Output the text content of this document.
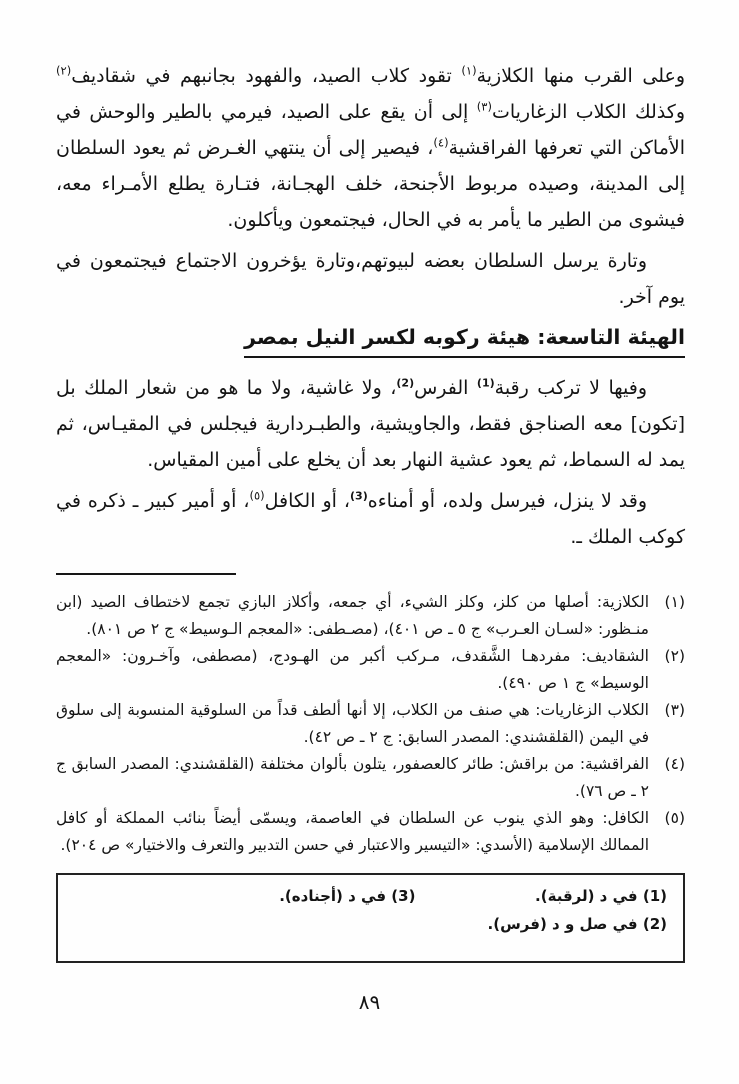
وعلى القرب منها الكلازية$^{(١)}$ تقود كلاب الصيد، والفهود بجانبهم في شقاديف$^{(٢)}$ وكذلك الكلاب الزغاريات$^{(٣)}$ إلى أن يقع على الصيد، فيرمي بالطير والوحش في الأماكن التي تعرفها الفراقشية$^{(٤)}$، فيصير إلى أن ينتهي الغـرض ثم يعود السلطان إلى المدينة، وصيده مربوط الأجنحة، خلف الهجـانة، فتـارة يطلع الأمـراء معه، فيشوى من الطير ما يأمر به في الحال، فيجتمعون ويأكلون.

وتارة يرسل السلطان بعضه لبيوتهم،وتارة يؤخرون الاجتماع فيجتمعون في يوم آخر.

الهيئة التاسعة: هيئة ركوبه لكسر النيل بمصر

وفيها لا تركب رقبة$^{(1)}$ الفرس$^{(2)}$، ولا غاشية، ولا ما هو من شعار الملك بل [تكون] معه الصناجق فقط، والجاويشية، والطبـردارية فيجلس في المقيـاس، ثم يمد له السماط، ثم يعود عشية النهار بعد أن يخلع على أمين المقياس.

وقد لا ينزل، فيرسل ولده، أو أمناءه$^{(3)}$، أو الكافل$^{(٥)}$، أو أمير كبير ـ ذكره في كوكب الملك ـ.

(١)
الكلازية: أصلها من كلز، وكلز الشيء، أي جمعه، وأكلاز البازي تجمع لاختطاف الصيد (ابن منـظور: «لسـان العـرب» ج ٥ ـ ص ٤٠١)، (مصـطفى: «المعجم الـوسيط» ج ٢ ص ٨٠١).
(٢)
الشقاديف: مفردهـا الشَّقدف، مـركب أكبر من الهـودج، (مصطفى، وآخـرون: «المعجم الوسيط» ج ١ ص ٤٩٠).
(٣)
الكلاب الزغاريات: هي صنف من الكلاب، إلا أنها ألطف قداً من السلوقية المنسوبة إلى سلوق في اليمن (القلقشندي: المصدر السابق: ج ٢ ـ ص ٤٢).
(٤)
الفراقشية: من براقش: طائر كالعصفور، يتلون بألوان مختلفة (القلقشندي: المصدر السابق ج ٢ ـ ص ٧٦).
(٥)
الكافل: وهو الذي ينوب عن السلطان في العاصمة، ويسمّى أيضاً بنائب المملكة أو كافل الممالك الإسلامية (الأسدي: «التيسير والاعتبار في حسن التدبير والتعرف والاختيار» ص ٢٠٤).
(1) في د (لرقبة).
(3) في د (أجناده).
(2) في صل و د (فرس).
٨٩
